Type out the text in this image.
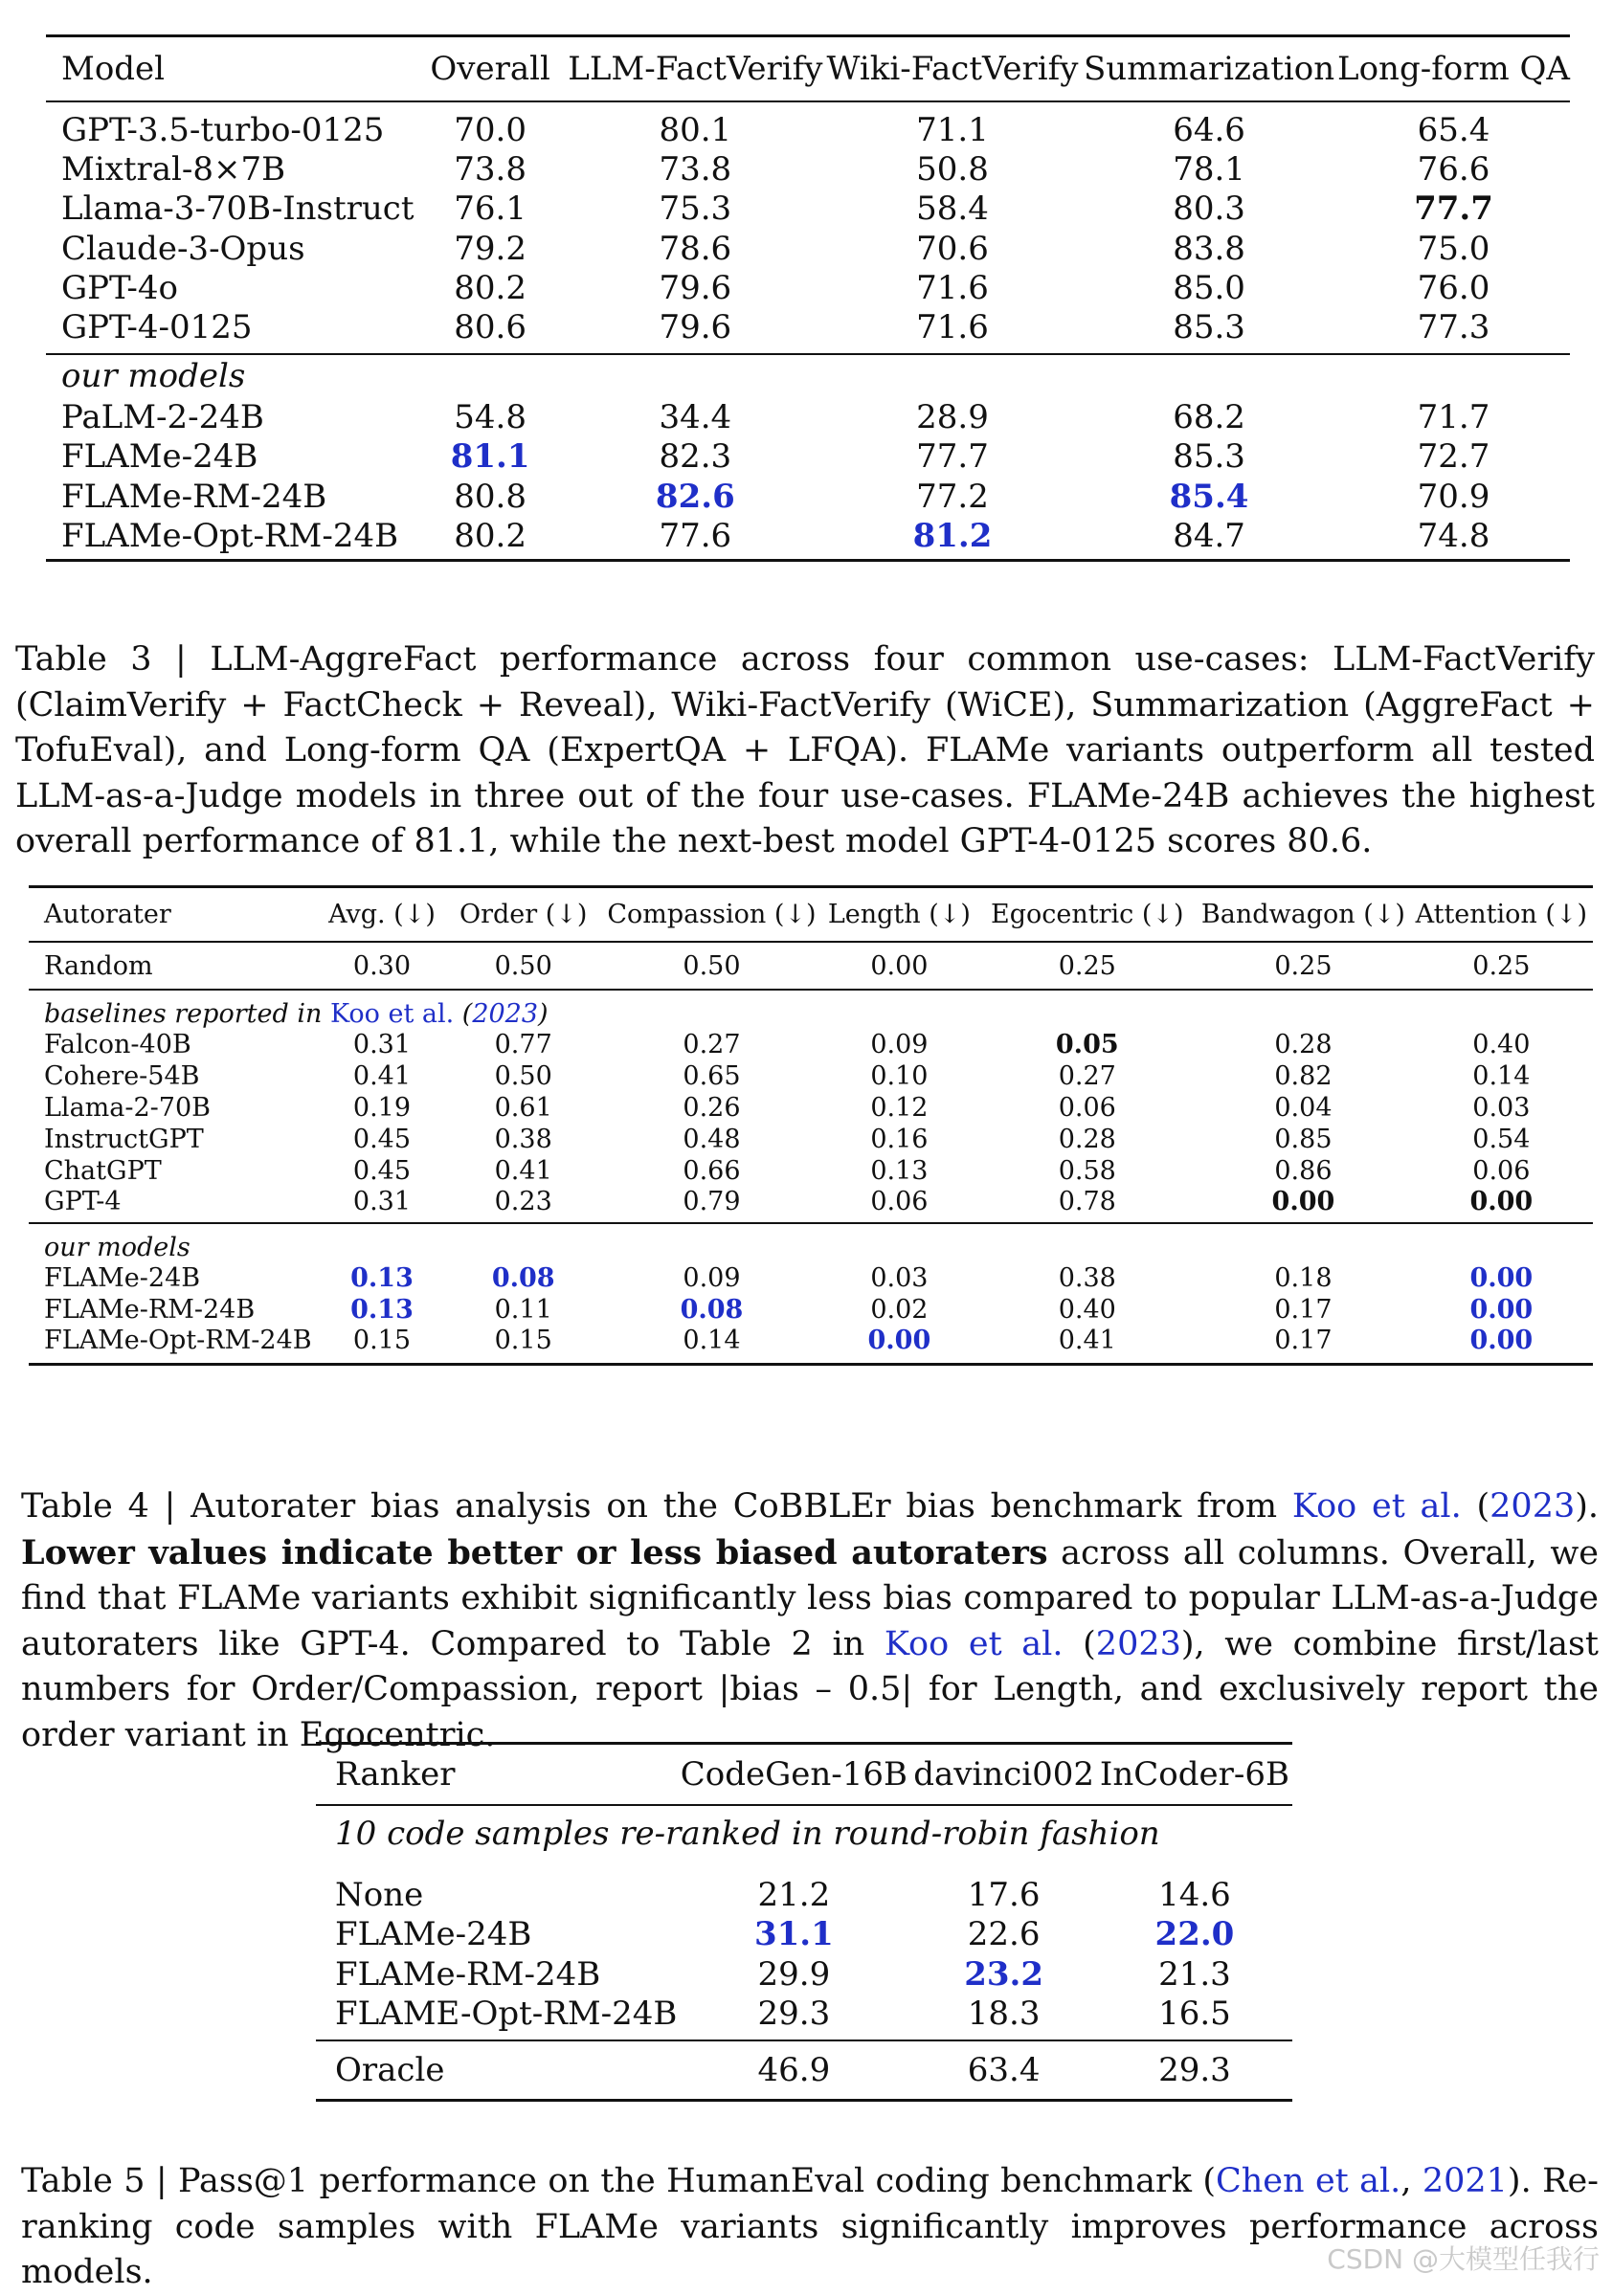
Model	Overall	LLM-FactVerify	Wiki-FactVerify	Summarization	Long-form QA
GPT-3.5-turbo-0125	70.0	80.1	71.1	64.6	65.4
Mixtral-8×7B	73.8	73.8	50.8	78.1	76.6
Llama-3-70B-Instruct	76.1	75.3	58.4	80.3	77.7
Claude-3-Opus	79.2	78.6	70.6	83.8	75.0
GPT-4o	80.2	79.6	71.6	85.0	76.0
GPT-4-0125	80.6	79.6	71.6	85.3	77.3
our models					
PaLM-2-24B	54.8	34.4	28.9	68.2	71.7
FLAMe-24B	81.1	82.3	77.7	85.3	72.7
FLAMe-RM-24B	80.8	82.6	77.2	85.4	70.9
FLAMe-Opt-RM-24B	80.2	77.6	81.2	84.7	74.8

Table 3 | LLM-AggreFact performance across four common use-cases: LLM-FactVerify (ClaimVerify + FactCheck + Reveal), Wiki-FactVerify (WiCE), Summarization (AggreFact + TofuEval), and Long-form QA (ExpertQA + LFQA). FLAMe variants outperform all tested LLM-as-a-Judge models in three out of the four use-cases. FLAMe-24B achieves the highest overall performance of 81.1, while the next-best model GPT-4-0125 scores 80.6.

Autorater	Avg. (↓)	Order (↓)	Compassion (↓)	Length (↓)	Egocentric (↓)	Bandwagon (↓)	Attention (↓)
Random	0.30	0.50	0.50	0.00	0.25	0.25	0.25
baselines reported in Koo et al. (2023)							
Falcon-40B	0.31	0.77	0.27	0.09	0.05	0.28	0.40
Cohere-54B	0.41	0.50	0.65	0.10	0.27	0.82	0.14
Llama-2-70B	0.19	0.61	0.26	0.12	0.06	0.04	0.03
InstructGPT	0.45	0.38	0.48	0.16	0.28	0.85	0.54
ChatGPT	0.45	0.41	0.66	0.13	0.58	0.86	0.06
GPT-4	0.31	0.23	0.79	0.06	0.78	0.00	0.00
our models							
FLAMe-24B	0.13	0.08	0.09	0.03	0.38	0.18	0.00
FLAMe-RM-24B	0.13	0.11	0.08	0.02	0.40	0.17	0.00
FLAMe-Opt-RM-24B	0.15	0.15	0.14	0.00	0.41	0.17	0.00

Table 4 | Autorater bias analysis on the CoBBLEr bias benchmark from Koo et al. (2023). Lower values indicate better or less biased autoraters across all columns. Overall, we find that FLAMe variants exhibit significantly less bias compared to popular LLM-as-a-Judge autoraters like GPT-4. Compared to Table 2 in Koo et al. (2023), we combine first/last numbers for Order/Compassion, report |bias – 0.5| for Length, and exclusively report the order variant in Egocentric.

Ranker	CodeGen-16B	davinci002	InCoder-6B
10 code samples re-ranked in round-robin fashion			

None	21.2	17.6	14.6
FLAMe-24B	31.1	22.6	22.0
FLAMe-RM-24B	29.9	23.2	21.3
FLAME-Opt-RM-24B	29.3	18.3	16.5
Oracle	46.9	63.4	29.3

Table 5 | Pass@1 performance on the HumanEval coding benchmark (Chen et al., 2021). Re-ranking code samples with FLAMe variants significantly improves performance across models.	CSDN @大模型任我行
